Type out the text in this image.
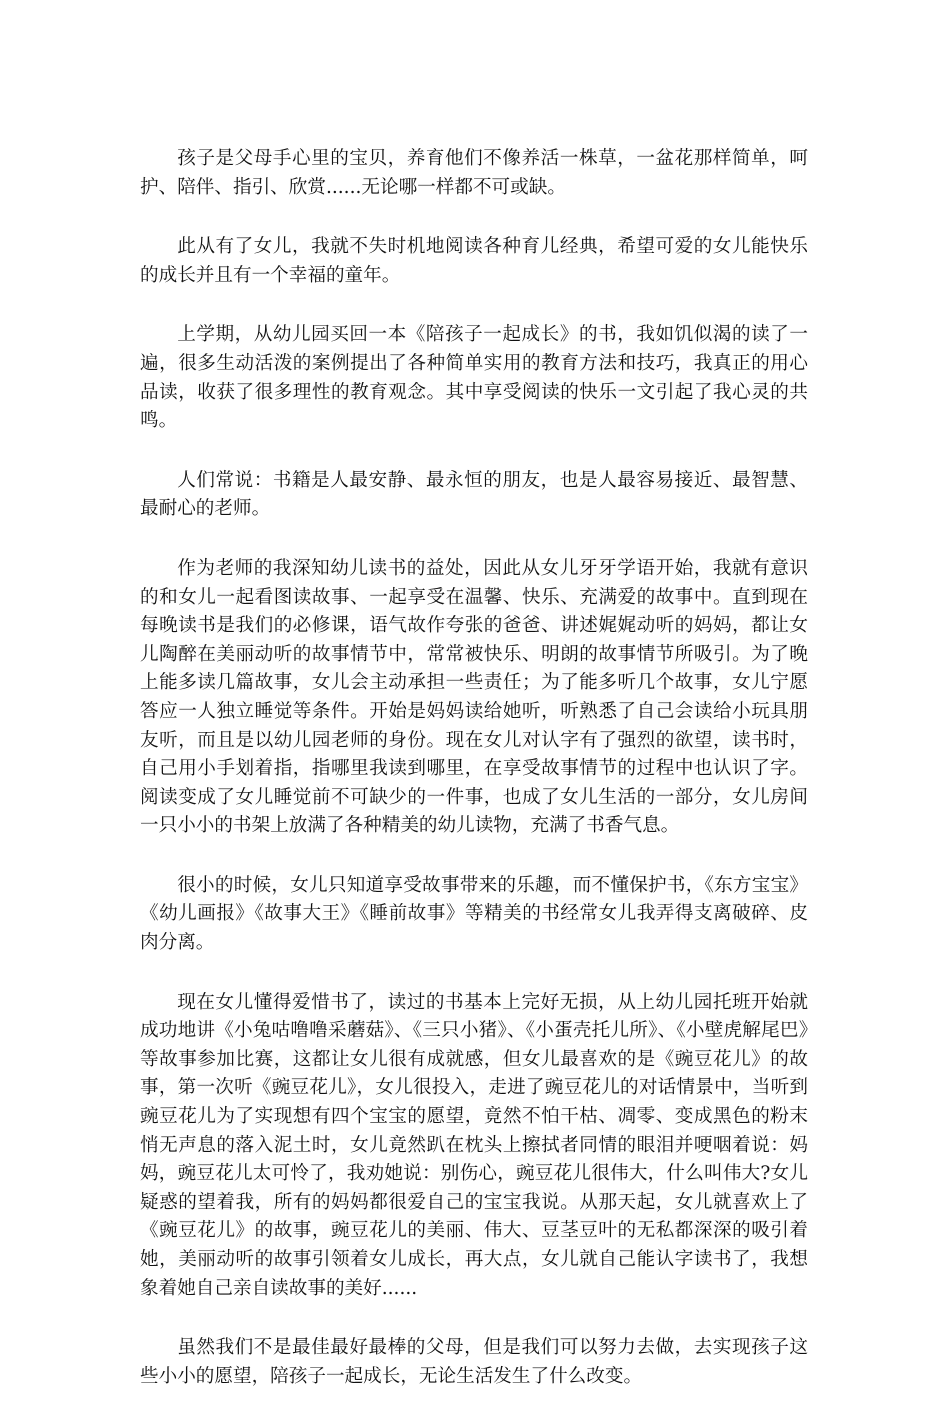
孩子是父母手心里的宝贝，养育他们不像养活一株草，一盆花那样简单，呵护、陪伴、指引、欣赏......无论哪一样都不可或缺。

此从有了女儿，我就不失时机地阅读各种育儿经典，希望可爱的女儿能快乐的成长并且有一个幸福的童年。

上学期，从幼儿园买回一本《陪孩子一起成长》的书，我如饥似渴的读了一遍，很多生动活泼的案例提出了各种简单实用的教育方法和技巧，我真正的用心品读，收获了很多理性的教育观念。其中享受阅读的快乐一文引起了我心灵的共鸣。

人们常说：书籍是人最安静、最永恒的朋友，也是人最容易接近、最智慧、最耐心的老师。

作为老师的我深知幼儿读书的益处，因此从女儿牙牙学语开始，我就有意识的和女儿一起看图读故事、一起享受在温馨、快乐、充满爱的故事中。直到现在每晚读书是我们的必修课，语气故作夸张的爸爸、讲述娓娓动听的妈妈，都让女儿陶醉在美丽动听的故事情节中，常常被快乐、明朗的故事情节所吸引。为了晚上能多读几篇故事，女儿会主动承担一些责任；为了能多听几个故事，女儿宁愿答应一人独立睡觉等条件。开始是妈妈读给她听，听熟悉了自己会读给小玩具朋友听，而且是以幼儿园老师的身份。现在女儿对认字有了强烈的欲望，读书时，自己用小手划着指，指哪里我读到哪里，在享受故事情节的过程中也认识了字。阅读变成了女儿睡觉前不可缺少的一件事，也成了女儿生活的一部分，女儿房间一只小小的书架上放满了各种精美的幼儿读物，充满了书香气息。

很小的时候，女儿只知道享受故事带来的乐趣，而不懂保护书，《东方宝宝》《幼儿画报》《故事大王》《睡前故事》等精美的书经常女儿我弄得支离破碎、皮肉分离。

现在女儿懂得爱惜书了，读过的书基本上完好无损，从上幼儿园托班开始就成功地讲《小兔咕噜噜采蘑菇》、《三只小猪》、《小蛋壳托儿所》、《小壁虎解尾巴》等故事参加比赛，这都让女儿很有成就感，但女儿最喜欢的是《豌豆花儿》的故事，第一次听《豌豆花儿》，女儿很投入，走进了豌豆花儿的对话情景中，当听到豌豆花儿为了实现想有四个宝宝的愿望，竟然不怕干枯、凋零、变成黑色的粉末悄无声息的落入泥土时，女儿竟然趴在枕头上擦拭者同情的眼泪并哽咽着说：妈妈，豌豆花儿太可怜了，我劝她说：别伤心，豌豆花儿很伟大，什么叫伟大?女儿疑惑的望着我，所有的妈妈都很爱自己的宝宝我说。从那天起，女儿就喜欢上了《豌豆花儿》的故事，豌豆花儿的美丽、伟大、豆茎豆叶的无私都深深的吸引着她，美丽动听的故事引领着女儿成长，再大点，女儿就自己能认字读书了，我想象着她自己亲自读故事的美好......

虽然我们不是最佳最好最棒的父母，但是我们可以努力去做，去实现孩子这些小小的愿望，陪孩子一起成长，无论生活发生了什么改变。
